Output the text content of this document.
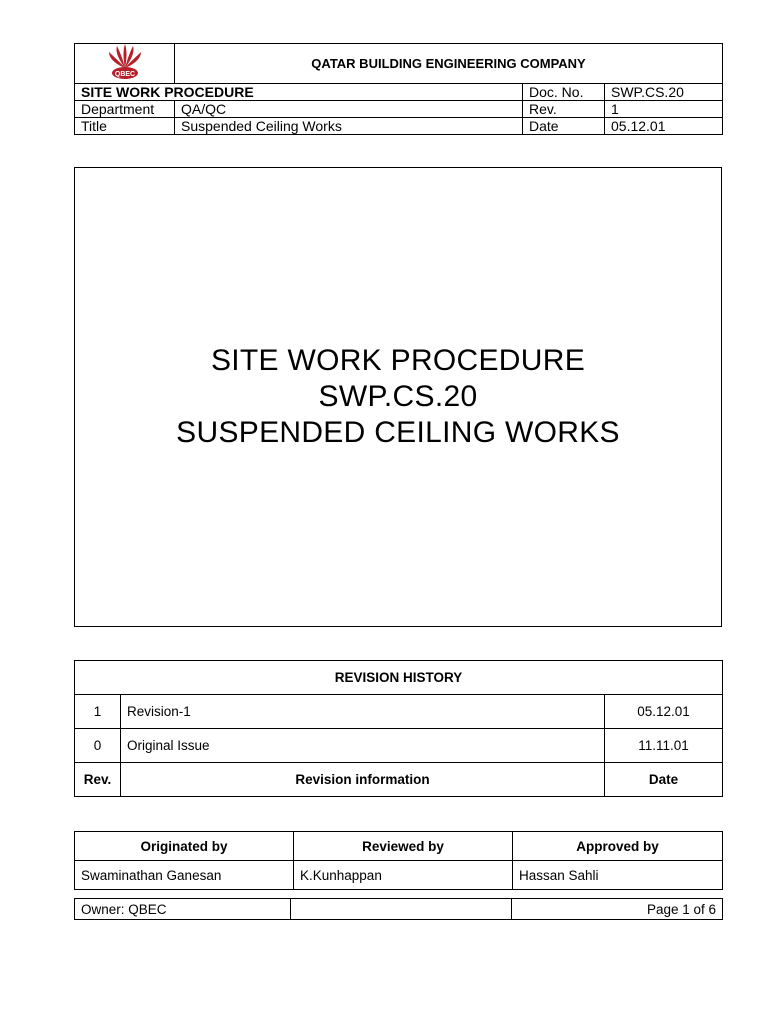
QBEC	QATAR BUILDING ENGINEERING COMPANY		
SITE WORK PROCEDURE		Doc. No.	SWP.CS.20
Department	QA/QC	Rev.	1
Title	Suspended Ceiling Works	Date	05.12.01
SITE WORK PROCEDURE
SWP.CS.20
SUSPENDED CEILING WORKS
REVISION HISTORY		
1	Revision-1	05.12.01
0	Original Issue	11.11.01
Rev.	Revision information	Date
Originated by	Reviewed by	Approved by
Swaminathan Ganesan	K.Kunhappan	Hassan Sahli
Owner: QBEC		Page 1 of 6
